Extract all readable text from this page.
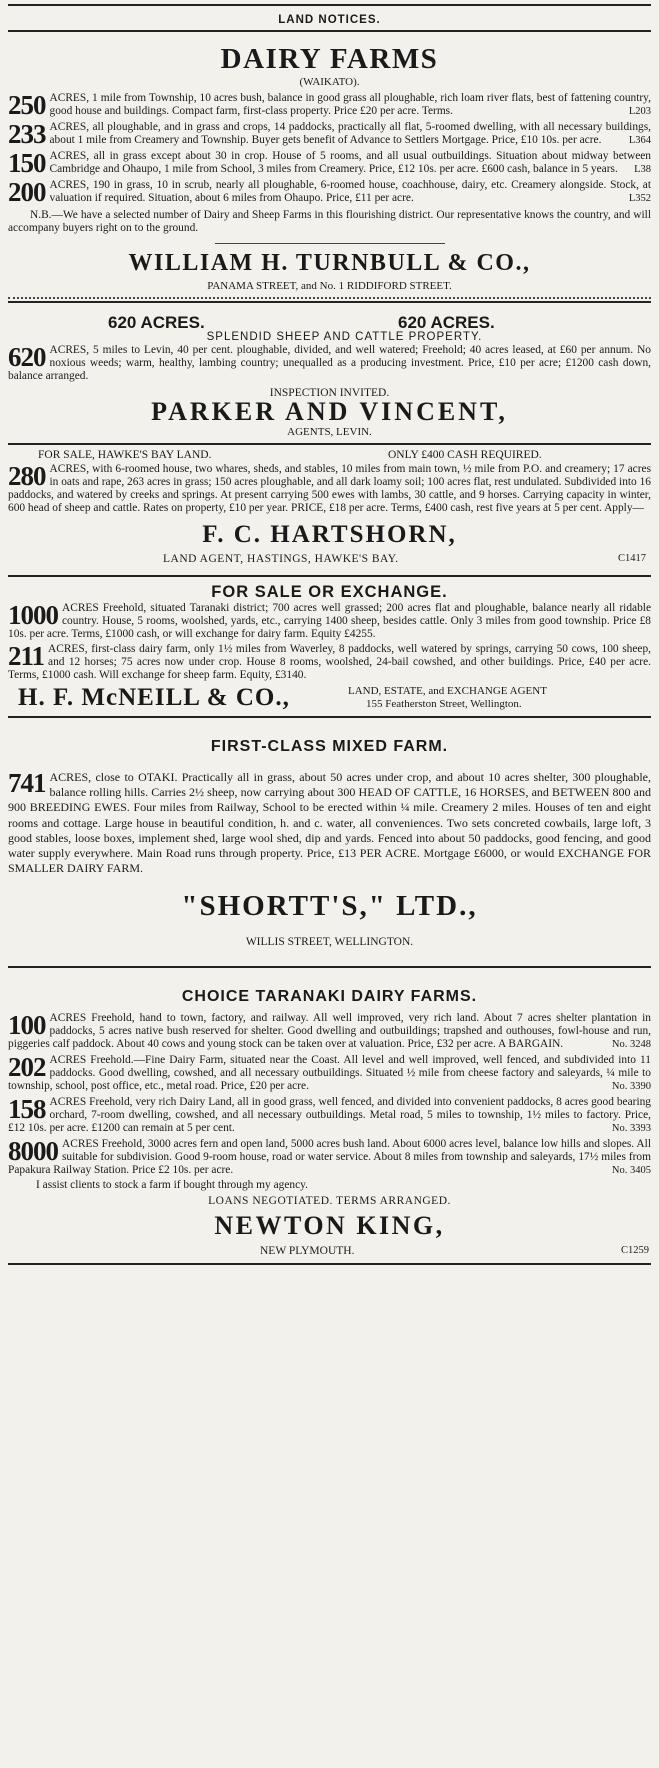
LAND NOTICES.
DAIRY FARMS
(WAIKATO).
250 ACRES, 1 mile from Township, 10 acres bush, balance in good grass all ploughable, rich loam river flats, best of fattening country, good house and buildings. Compact farm, first-class property. Price £20 per acre. Terms.	L203

233 ACRES, all ploughable, and in grass and crops, 14 paddocks, practically all flat, 5-roomed dwelling, with all necessary buildings, about 1 mile from Creamery and Township. Buyer gets benefit of Advance to Settlers Mortgage. Price, £10 10s. per acre.	L364

150 ACRES, all in grass except about 30 in crop. House of 5 rooms, and all usual outbuildings. Situation about midway between Cambridge and Ohaupo, 1 mile from School, 3 miles from Creamery. Price, £12 10s. per acre. £600 cash, balance in 5 years. L38

200 ACRES, 190 in grass, 10 in scrub, nearly all ploughable, 6-roomed house, coachhouse, dairy, etc. Creamery alongside. Stock, at valuation if required. Situation, about 6 miles from Ohaupo. Price, £11 per acre.	L352

N.B.—We have a selected number of Dairy and Sheep Farms in this flourishing district. Our representative knows the country, and will accompany buyers right on to the ground.

WILLIAM H. TURNBULL & CO.,
PANAMA STREET, and No. 1 RIDDIFORD STREET.
620 ACRES.	620 ACRES.
SPLENDID SHEEP AND CATTLE PROPERTY.
620 ACRES, 5 miles to Levin, 40 per cent. ploughable, divided, and well watered; Freehold; 40 acres leased, at £60 per annum. No noxious weeds; warm, healthy, lambing country; unequalled as a producing investment. Price, £10 per acre; £1200 cash down, balance arranged.

INSPECTION INVITED.
PARKER AND VINCENT,
AGENTS, LEVIN.
FOR SALE, HAWKE'S BAY LAND.	ONLY £400 CASH REQUIRED.
280 ACRES, with 6-roomed house, two whares, sheds, and stables, 10 miles from main town, ½ mile from P.O. and creamery; 17 acres in oats and rape, 263 acres in grass; 150 acres ploughable, and all dark loamy soil; 100 acres flat, rest undulated. Subdivided into 16 paddocks, and watered by creeks and springs. At present carrying 500 ewes with lambs, 30 cattle, and 9 horses. Carrying capacity in winter, 600 head of sheep and cattle. Rates on property, £10 per year. PRICE, £18 per acre. Terms, £400 cash, rest five years at 5 per cent. Apply—

F. C. HARTSHORN,
LAND AGENT, HASTINGS, HAWKE'S BAY.	C1417
FOR SALE OR EXCHANGE.
1000 ACRES Freehold, situated Taranaki district; 700 acres well grassed; 200 acres flat and ploughable, balance nearly all ridable country. House, 5 rooms, woolshed, yards, etc., carrying 1400 sheep, besides cattle. Only 3 miles from good township. Price £8 10s. per acre. Terms, £1000 cash, or will exchange for dairy farm. Equity £4255.

211 ACRES, first-class dairy farm, only 1½ miles from Waverley, 8 paddocks, well watered by springs, carrying 50 cows, 100 sheep, and 12 horses; 75 acres now under crop. House 8 rooms, woolshed, 24-bail cowshed, and other buildings. Price, £40 per acre. Terms, £1000 cash. Will exchange for sheep farm. Equity, £3140.

H. F. McNEILL & CO.,	LAND, ESTATE, and EXCHANGE AGENT
155 Featherston Street, Wellington.
FIRST-CLASS MIXED FARM.
741 ACRES, close to OTAKI. Practically all in grass, about 50 acres under crop, and about 10 acres shelter, 300 ploughable, balance rolling hills. Carries 2½ sheep, now carrying about 300 HEAD OF CATTLE, 16 HORSES, and BETWEEN 800 and 900 BREEDING EWES. Four miles from Railway, School to be erected within ¼ mile. Creamery 2 miles. Houses of ten and eight rooms and cottage. Large house in beautiful condition, h. and c. water, all conveniences. Two sets concreted cowbails, large loft, 3 good stables, loose boxes, implement shed, large wool shed, dip and yards. Fenced into about 50 paddocks, good fencing, and good water supply everywhere. Main Road runs through property. Price, £13 PER ACRE. Mortgage £6000, or would EXCHANGE FOR SMALLER DAIRY FARM.

"SHORTT'S," LTD.,
WILLIS STREET, WELLINGTON.
CHOICE TARANAKI DAIRY FARMS.
100 ACRES Freehold, hand to town, factory, and railway. All well improved, very rich land. About 7 acres shelter plantation in paddocks, 5 acres native bush reserved for shelter. Good dwelling and outbuildings; trapshed and outhouses, fowl-house and run, piggeries calf paddock. About 40 cows and young stock can be taken over at valuation. Price, £32 per acre. A BARGAIN.	No. 3248

202 ACRES Freehold.—Fine Dairy Farm, situated near the Coast. All level and well improved, well fenced, and subdivided into 11 paddocks. Good dwelling, cowshed, and all necessary outbuildings. Situated ½ mile from cheese factory and saleyards, ¼ mile to township, school, post office, etc., metal road. Price, £20 per acre.	No. 3390

158 ACRES Freehold, very rich Dairy Land, all in good grass, well fenced, and divided into convenient paddocks, 8 acres good bearing orchard, 7-room dwelling, cowshed, and all necessary outbuildings. Metal road, 5 miles to township, 1½ miles to factory. Price, £12 10s. per acre. £1200 can remain at 5 per cent.	No. 3393

8000 ACRES Freehold, 3000 acres fern and open land, 5000 acres bush land. About 6000 acres level, balance low hills and slopes. All suitable for subdivision. Good 9-room house, road or water service. About 8 miles from township and saleyards, 17½ miles from Papakura Railway Station. Price £2 10s. per acre.	No. 3405

I assist clients to stock a farm if bought through my agency.

LOANS NEGOTIATED. TERMS ARRANGED.
NEWTON KING,
NEW PLYMOUTH.	C1259
